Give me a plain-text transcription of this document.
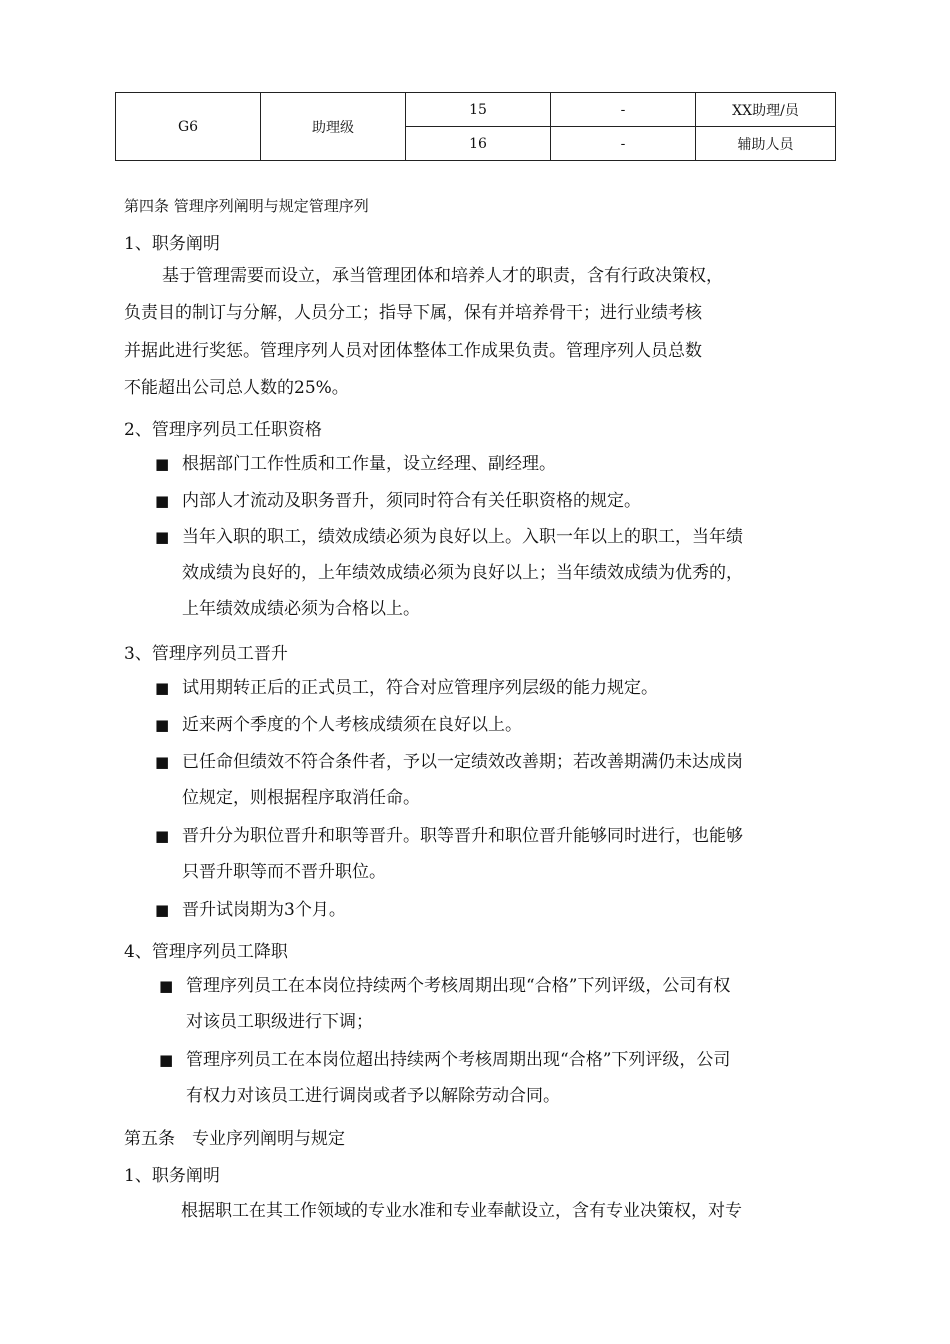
G6	助理级	15	-	XX助理/员
		16	-	辅助人员
第四条 管理序列阐明与规定管理序列
1、职务阐明
基于管理需要而设立，承当管理团体和培养人才的职责，含有行政决策权，
负责目的制订与分解，人员分工；指导下属，保有并培养骨干；进行业绩考核
并据此进行奖惩。管理序列人员对团体整体工作成果负责。管理序列人员总数
不能超出公司总人数的25%。
2、管理序列员工任职资格
■ 根据部门工作性质和工作量，设立经理、副经理。
■ 内部人才流动及职务晋升，须同时符合有关任职资格的规定。
■ 当年入职的职工，绩效成绩必须为良好以上。入职一年以上的职工，当年绩
效成绩为良好的，上年绩效成绩必须为良好以上；当年绩效成绩为优秀的，
上年绩效成绩必须为合格以上。
3、管理序列员工晋升
■ 试用期转正后的正式员工，符合对应管理序列层级的能力规定。
■ 近来两个季度的个人考核成绩须在良好以上。
■ 已任命但绩效不符合条件者，予以一定绩效改善期；若改善期满仍未达成岗
位规定，则根据程序取消任命。
■ 晋升分为职位晋升和职等晋升。职等晋升和职位晋升能够同时进行，也能够
只晋升职等而不晋升职位。
■ 晋升试岗期为3个月。
4、管理序列员工降职
■ 管理序列员工在本岗位持续两个考核周期出现“合格”下列评级，公司有权
对该员工职级进行下调；
■ 管理序列员工在本岗位超出持续两个考核周期出现“合格”下列评级，公司
有权力对该员工进行调岗或者予以解除劳动合同。
第五条　专业序列阐明与规定
1、职务阐明
根据职工在其工作领域的专业水准和专业奉献设立，含有专业决策权，对专
